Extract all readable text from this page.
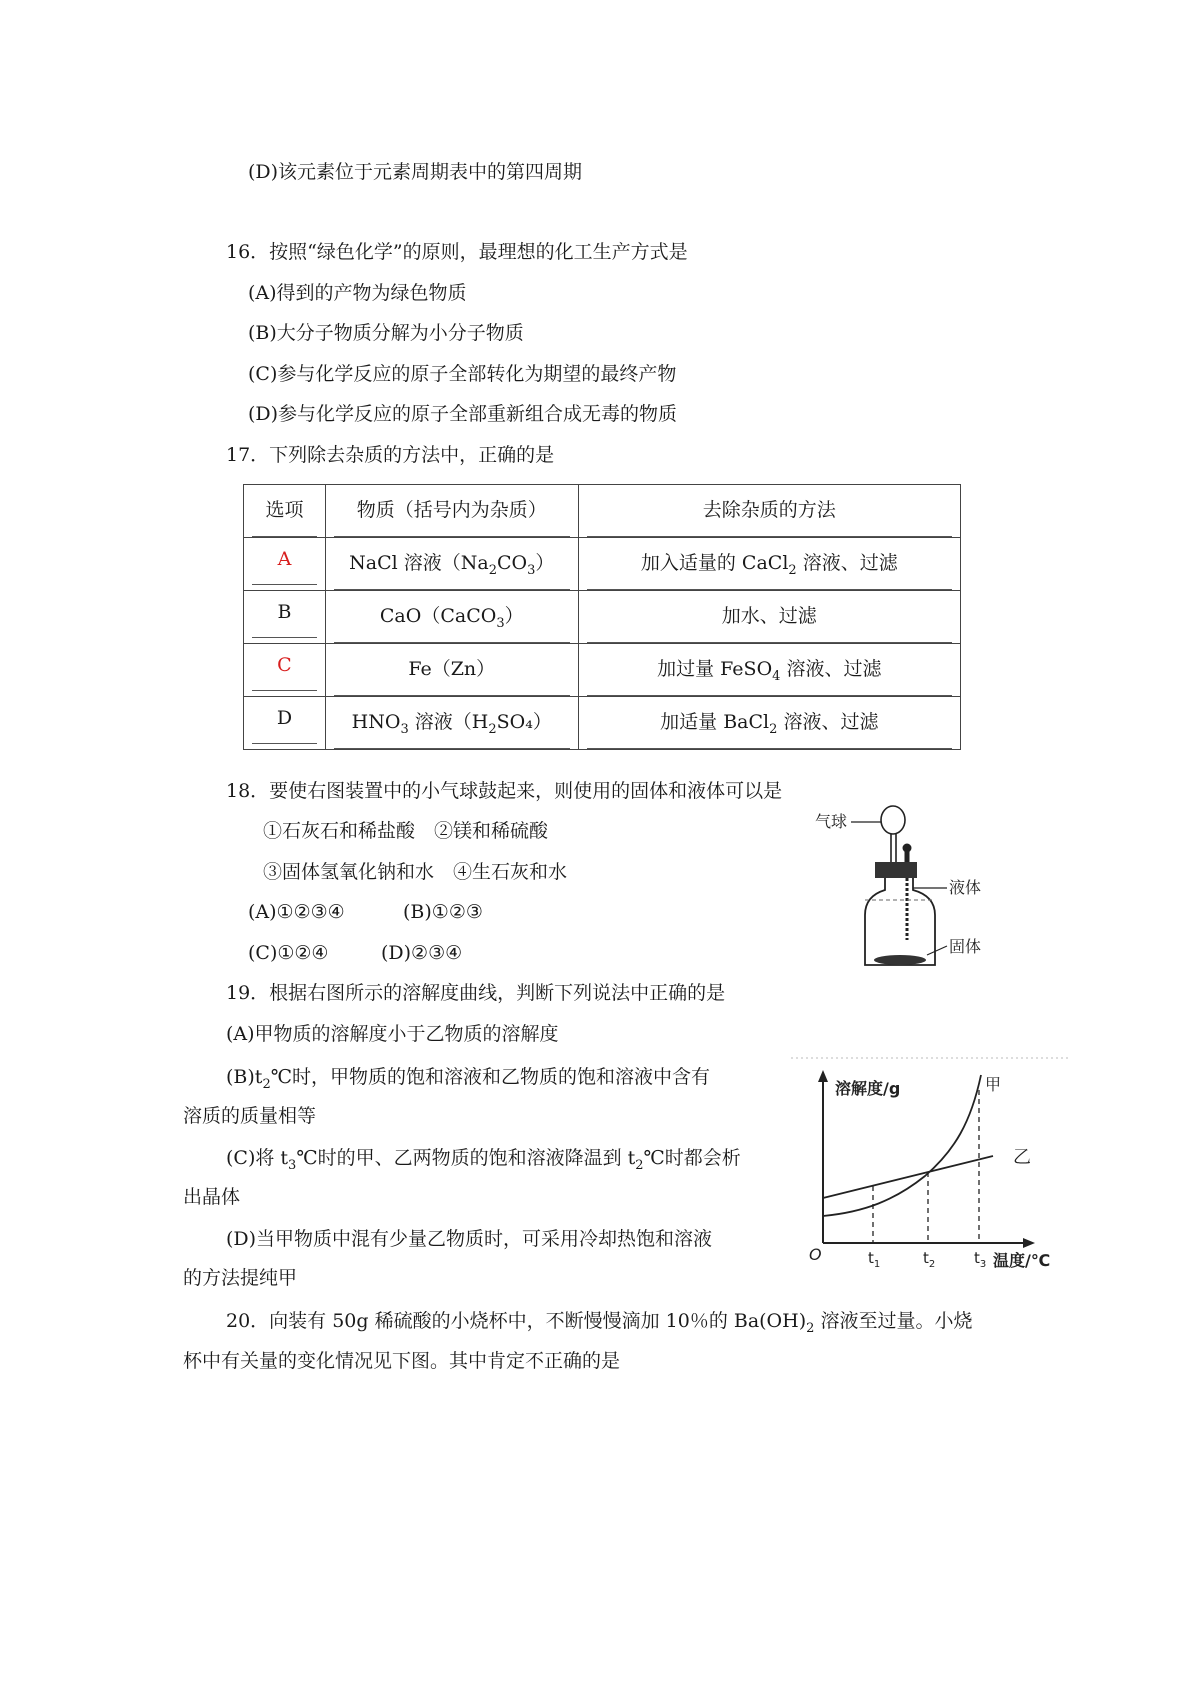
(D)该元素位于元素周期表中的第四周期
16．按照“绿色化学”的原则，最理想的化工生产方式是
(A)得到的产物为绿色物质
(B)大分子物质分解为小分子物质
(C)参与化学反应的原子全部转化为期望的最终产物
(D)参与化学反应的原子全部重新组合成无毒的物质
17．下列除去杂质的方法中，正确的是
选项	物质（括号内为杂质）	去除杂质的方法

A	NaCl 溶液$(Na_2CO_3)$	加入适量的 CaCl$_2$ 溶液、过滤

B	CaO（CaCO$_3$）	加水、过滤

C	Fe（Zn）	加过量 FeSO$_4$ 溶液、过滤

D	$HNO_3$ 溶液$(H_2SO_4)$	加适量 BaCl$_2$ 溶液、过滤
18．要使右图装置中的小气球鼓起来，则使用的固体和液体可以是
①石灰石和稀盐酸　②镁和稀硫酸
③固体氢氧化钠和水　④生石灰和水
(A)①②③④	(B)①②③
(C)①②④	(D)②③④
气球
液体
固体
19．根据右图所示的溶解度曲线，判断下列说法中正确的是
(A)甲物质的溶解度小于乙物质的溶解度
$(B)t_2℃$时，甲物质的饱和溶液和乙物质的饱和溶液中含有
溶质的质量相等
(C)将 $t_3℃$时的甲、乙两物质的饱和溶液降温到 $t_2℃$时都会析
出晶体
(D)当甲物质中混有少量乙物质时，可采用冷却热饱和溶液
的方法提纯甲
溶解度/g
O
甲
乙
$t_1$	$t_2$	$t_3$ 温度/℃
20．向装有 50g 稀硫酸的小烧杯中，不断慢慢滴加 10％的 $Ba(OH)_2$ 溶液至过量。小烧
杯中有关量的变化情况见下图。其中肯定不正确的是
